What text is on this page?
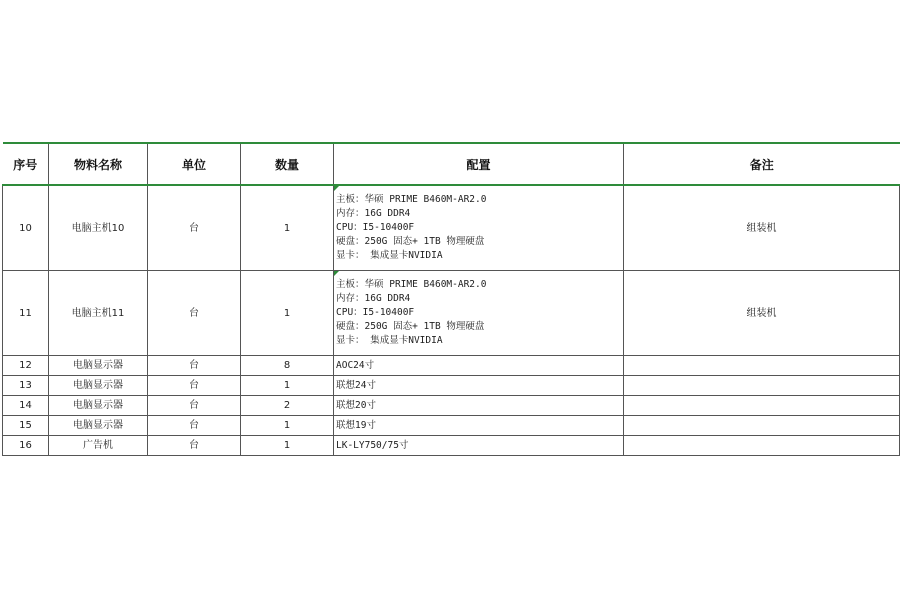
序号	物料名称	单位	数量	配置	备注
10	电脑主机10	台	1	主板：华硕 PRIME B460M-AR2.0
内存：16G DDR4
CPU：I5-10400F
硬盘：250G 固态+ 1TB 物理硬盘
显卡： 集成显卡NVIDIA	组装机
11	电脑主机11	台	1	主板：华硕 PRIME B460M-AR2.0
内存：16G DDR4
CPU：I5-10400F
硬盘：250G 固态+ 1TB 物理硬盘
显卡： 集成显卡NVIDIA	组装机
12	电脑显示器	台	8	AOC24寸	

13	电脑显示器	台	1	联想24寸	

14	电脑显示器	台	2	联想20寸	

15	电脑显示器	台	1	联想19寸	

16	广告机	台	1	LK-LY750/75寸	
